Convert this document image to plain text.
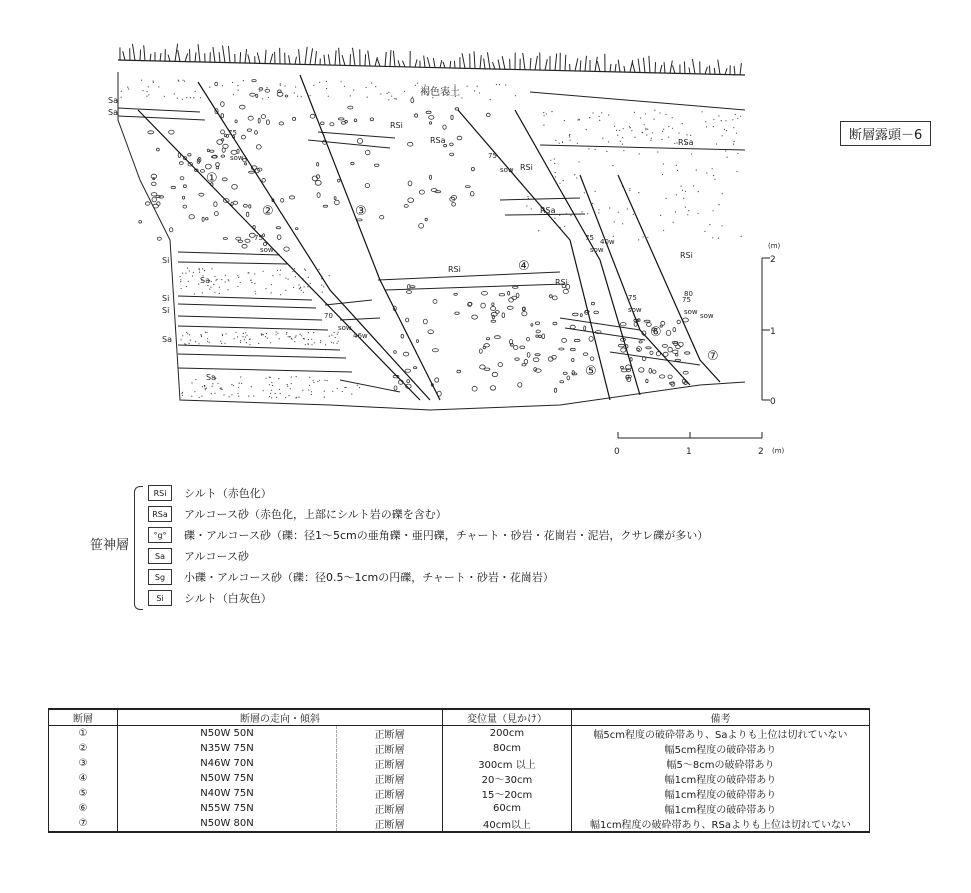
①
②	③
④
⑤
⑥
⑦
Sa
Sa
Si
Sa
Si
Si
Sa
Sa
RSi
RSa
RSi
RSa
RSi
RSi
RSi
RSa
75
sow	75
sow
75
sow
75
sow
75
sow
80
sow
75
sow
70
sow
46w
40w
褐色表土
(m)
2
1
0
0	1	2 (m)
断層露頭－6
笹神層
RSi	シルト（赤色化）
RSa	アルコース砂（赤色化，上部にシルト岩の礫を含む）
°g°	礫・アルコース砂（礫：径1～5cmの亜角礫・亜円礫，チャート・砂岩・花崗岩・泥岩，クサレ礫が多い）
Sa	アルコース砂
Sg	小礫・アルコース砂（礫：径0.5～1cmの円礫，チャート・砂岩・花崗岩）
Si	シルト（白灰色）
断層	断層の走向・傾斜		変位量（見かけ）	備考
①	N50W 50N	正断層	200cm	幅5cm程度の破砕帯あり、Saよりも上位は切れていない
②	N35W 75N	正断層	80cm	幅5cm程度の破砕帯あり
③	N46W 70N	正断層	300cm 以上	幅5～8cmの破砕帯あり
④	N50W 75N	正断層	20～30cm	幅1cm程度の破砕帯あり
⑤	N40W 75N	正断層	15～20cm	幅1cm程度の破砕帯あり
⑥	N55W 75N	正断層	60cm	幅1cm程度の破砕帯あり
⑦	N50W 80N	正断層	40cm以上	幅1cm程度の破砕帯あり、RSaよりも上位は切れていない
